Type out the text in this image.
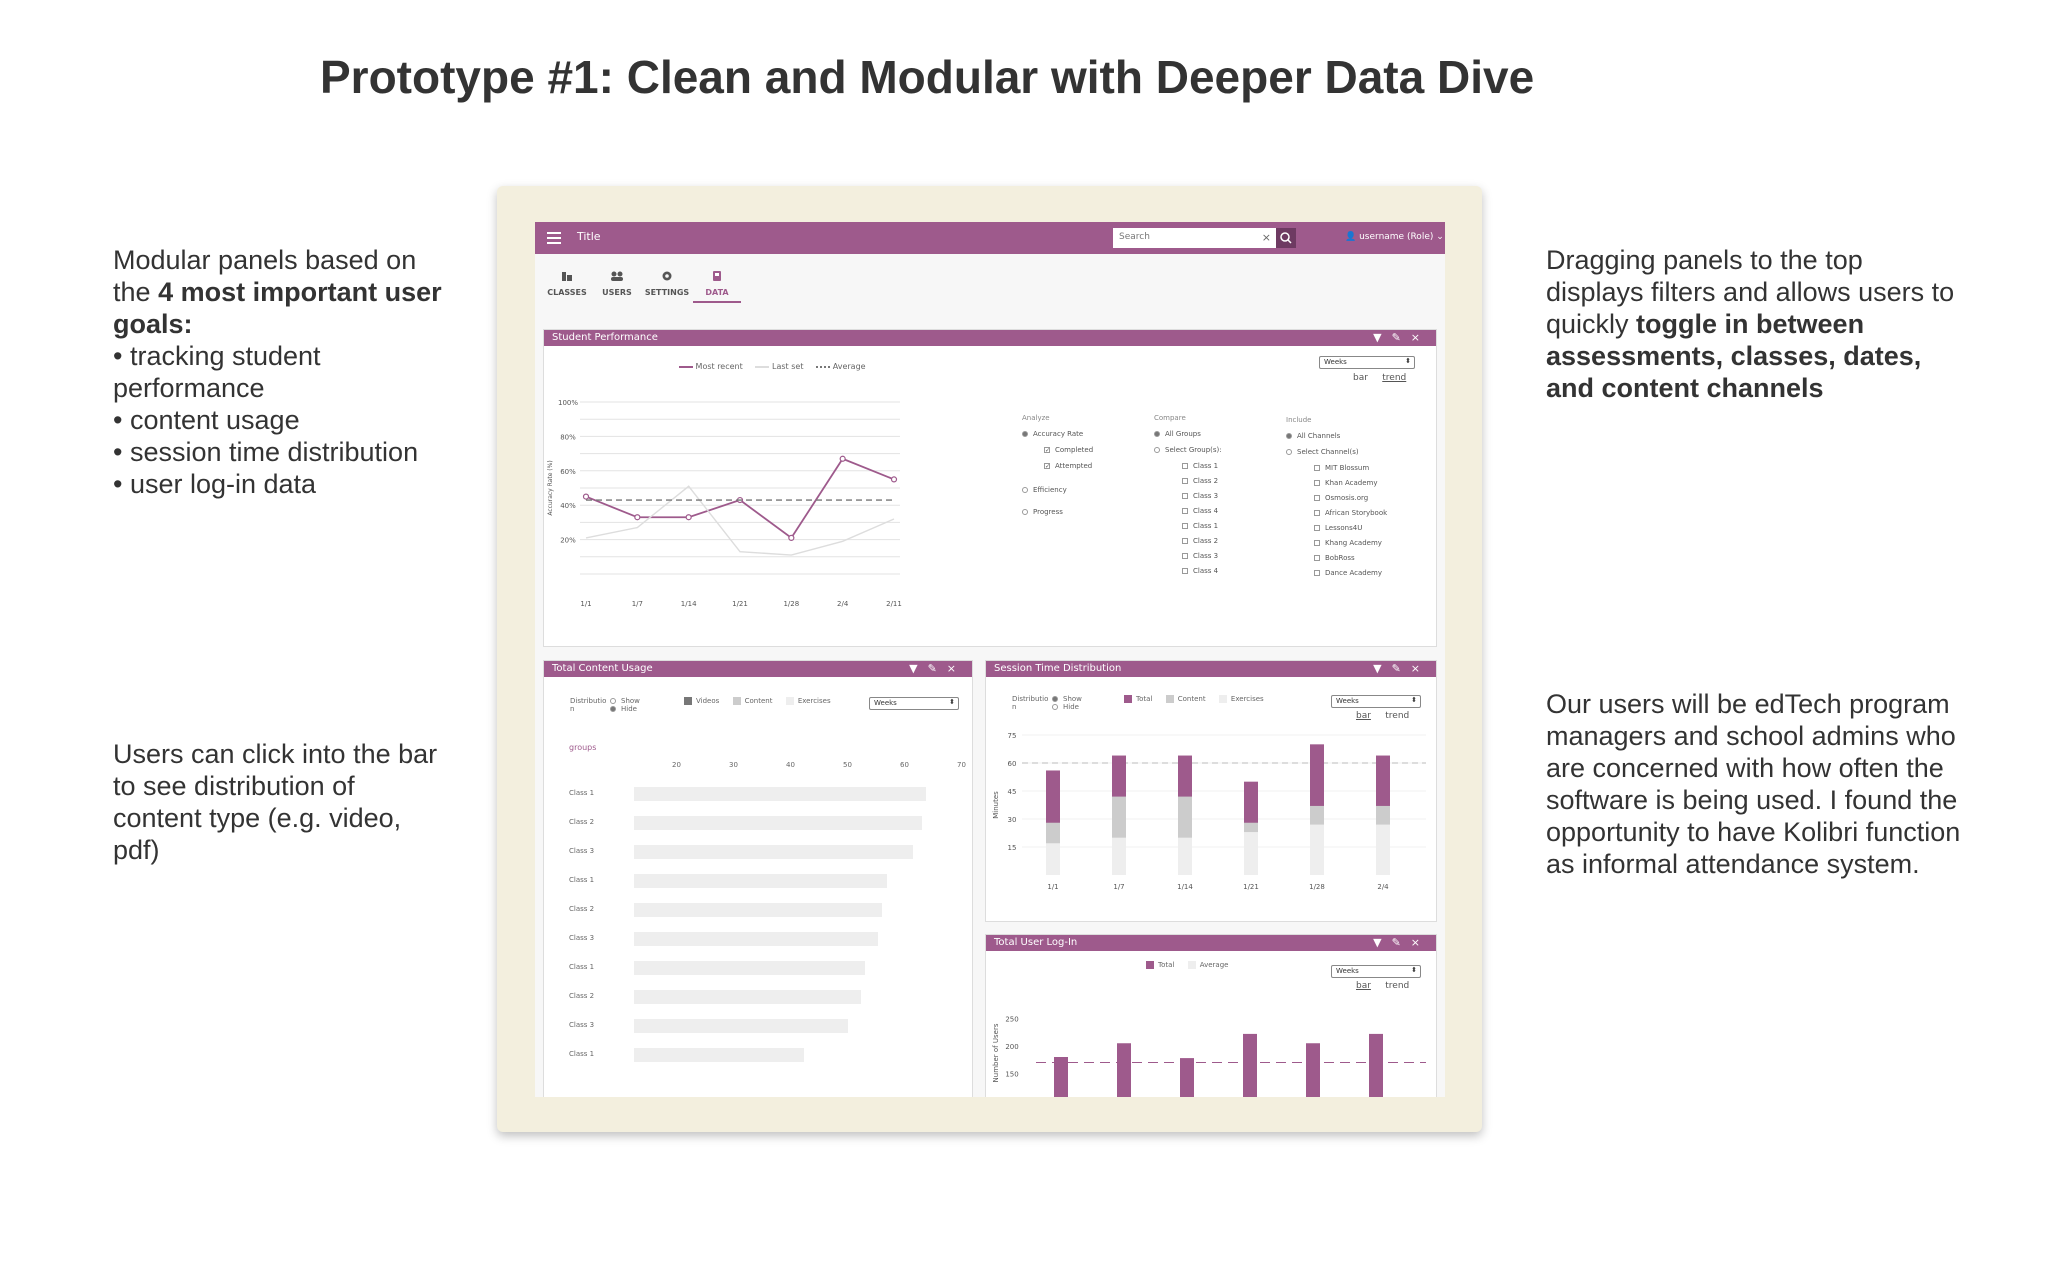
Prototype #1: Clean and Modular with Deeper Data Dive
Modular panels based on the 4 most important user goals:
• tracking student performance
• content usage
• session time distribution
• user log-in data
Users can click into the bar to see distribution of content type (e.g. video, pdf)
Dragging panels to the top displays filters and allows users to quickly toggle in between assessments, classes, dates, and content channels
Our users will be edTech program managers and school admins who are concerned with how often the software is being used. I found the opportunity to have Kolibri function as informal attendance system.
Title	Search	×	👤 username (Role) ⌄
CLASSES	USERS	SETTINGS	DATA
Student Performance	▼✎×
Most recent	Last set	Average	Weeks ⬍
bar trend
100%
80%
60%
40%
20%
1/1	1/7	1/14	1/21	1/28	2/4	2/11
Accuracy Rate (%)
Analyze
Accuracy Rate
✓ Completed
✓ Attempted
Efficiency
Progress
Compare
All Groups
Select Group(s):
Class 1
Class 2
Class 3
Class 4
Class 1
Class 2
Class 3
Class 4
Include
All Channels
Select Channel(s)
MIT Blossum
Khan Academy
Osmosis.org
African Storybook
Lessons4U
Khang Academy
BobRoss
Dance Academy
Total Content Usage	▼✎×
Distributio
n
Show
Hide
Videos	Content	Exercises	Weeks ⬍
groups
20	30	40	50	60	70
Class 1
Class 2
Class 3
Class 1
Class 2
Class 3
Class 1
Class 2
Class 3
Class 1
Session Time Distribution	▼✎×
Distributio
n
Show
Hide
Total	Content	Exercises	Weeks ⬍
bar trend
75
60
45
30
15
Minutes
1/1	1/7	1/14	1/21	1/28	2/4
Total User Log-In	▼✎×
Total	Average
Weeks ⬍
bar trend
250
200
150
Number of Users
